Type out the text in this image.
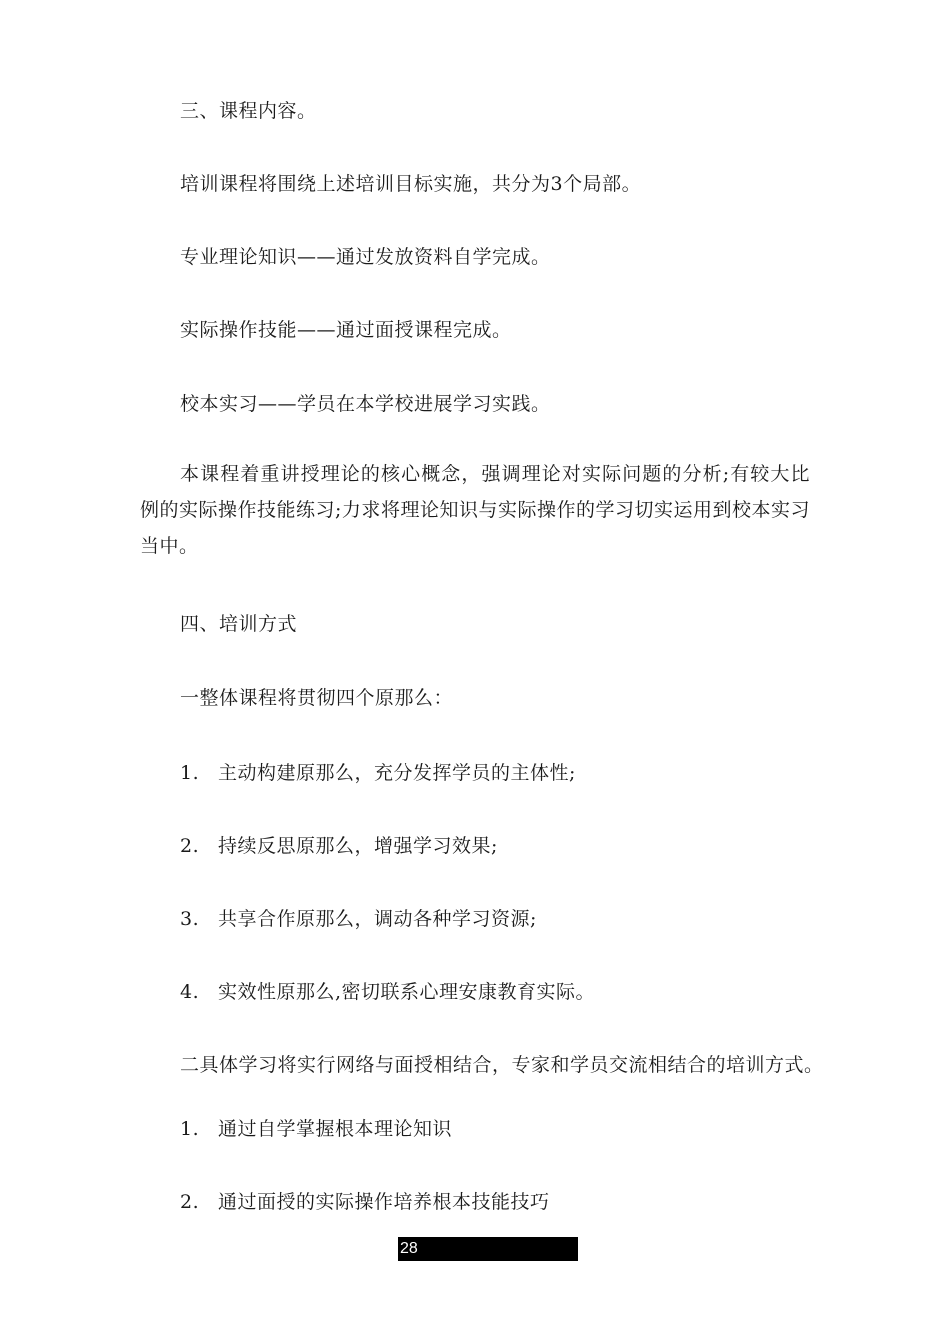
三、课程内容。
培训课程将围绕上述培训目标实施，共分为3个局部。
专业理论知识——通过发放资料自学完成。
实际操作技能——通过面授课程完成。
校本实习——学员在本学校进展学习实践。
本课程着重讲授理论的核心概念，强调理论对实际问题的分析;有较大比例的实际操作技能练习;力求将理论知识与实际操作的学习切实运用到校本实习当中。
四、培训方式
一整体课程将贯彻四个原那么：
1. 主动构建原那么，充分发挥学员的主体性;
2. 持续反思原那么，增强学习效果;
3. 共享合作原那么，调动各种学习资源;
4. 实效性原那么,密切联系心理安康教育实际。
二具体学习将实行网络与面授相结合，专家和学员交流相结合的培训方式。
1. 通过自学掌握根本理论知识
2. 通过面授的实际操作培养根本技能技巧
28
